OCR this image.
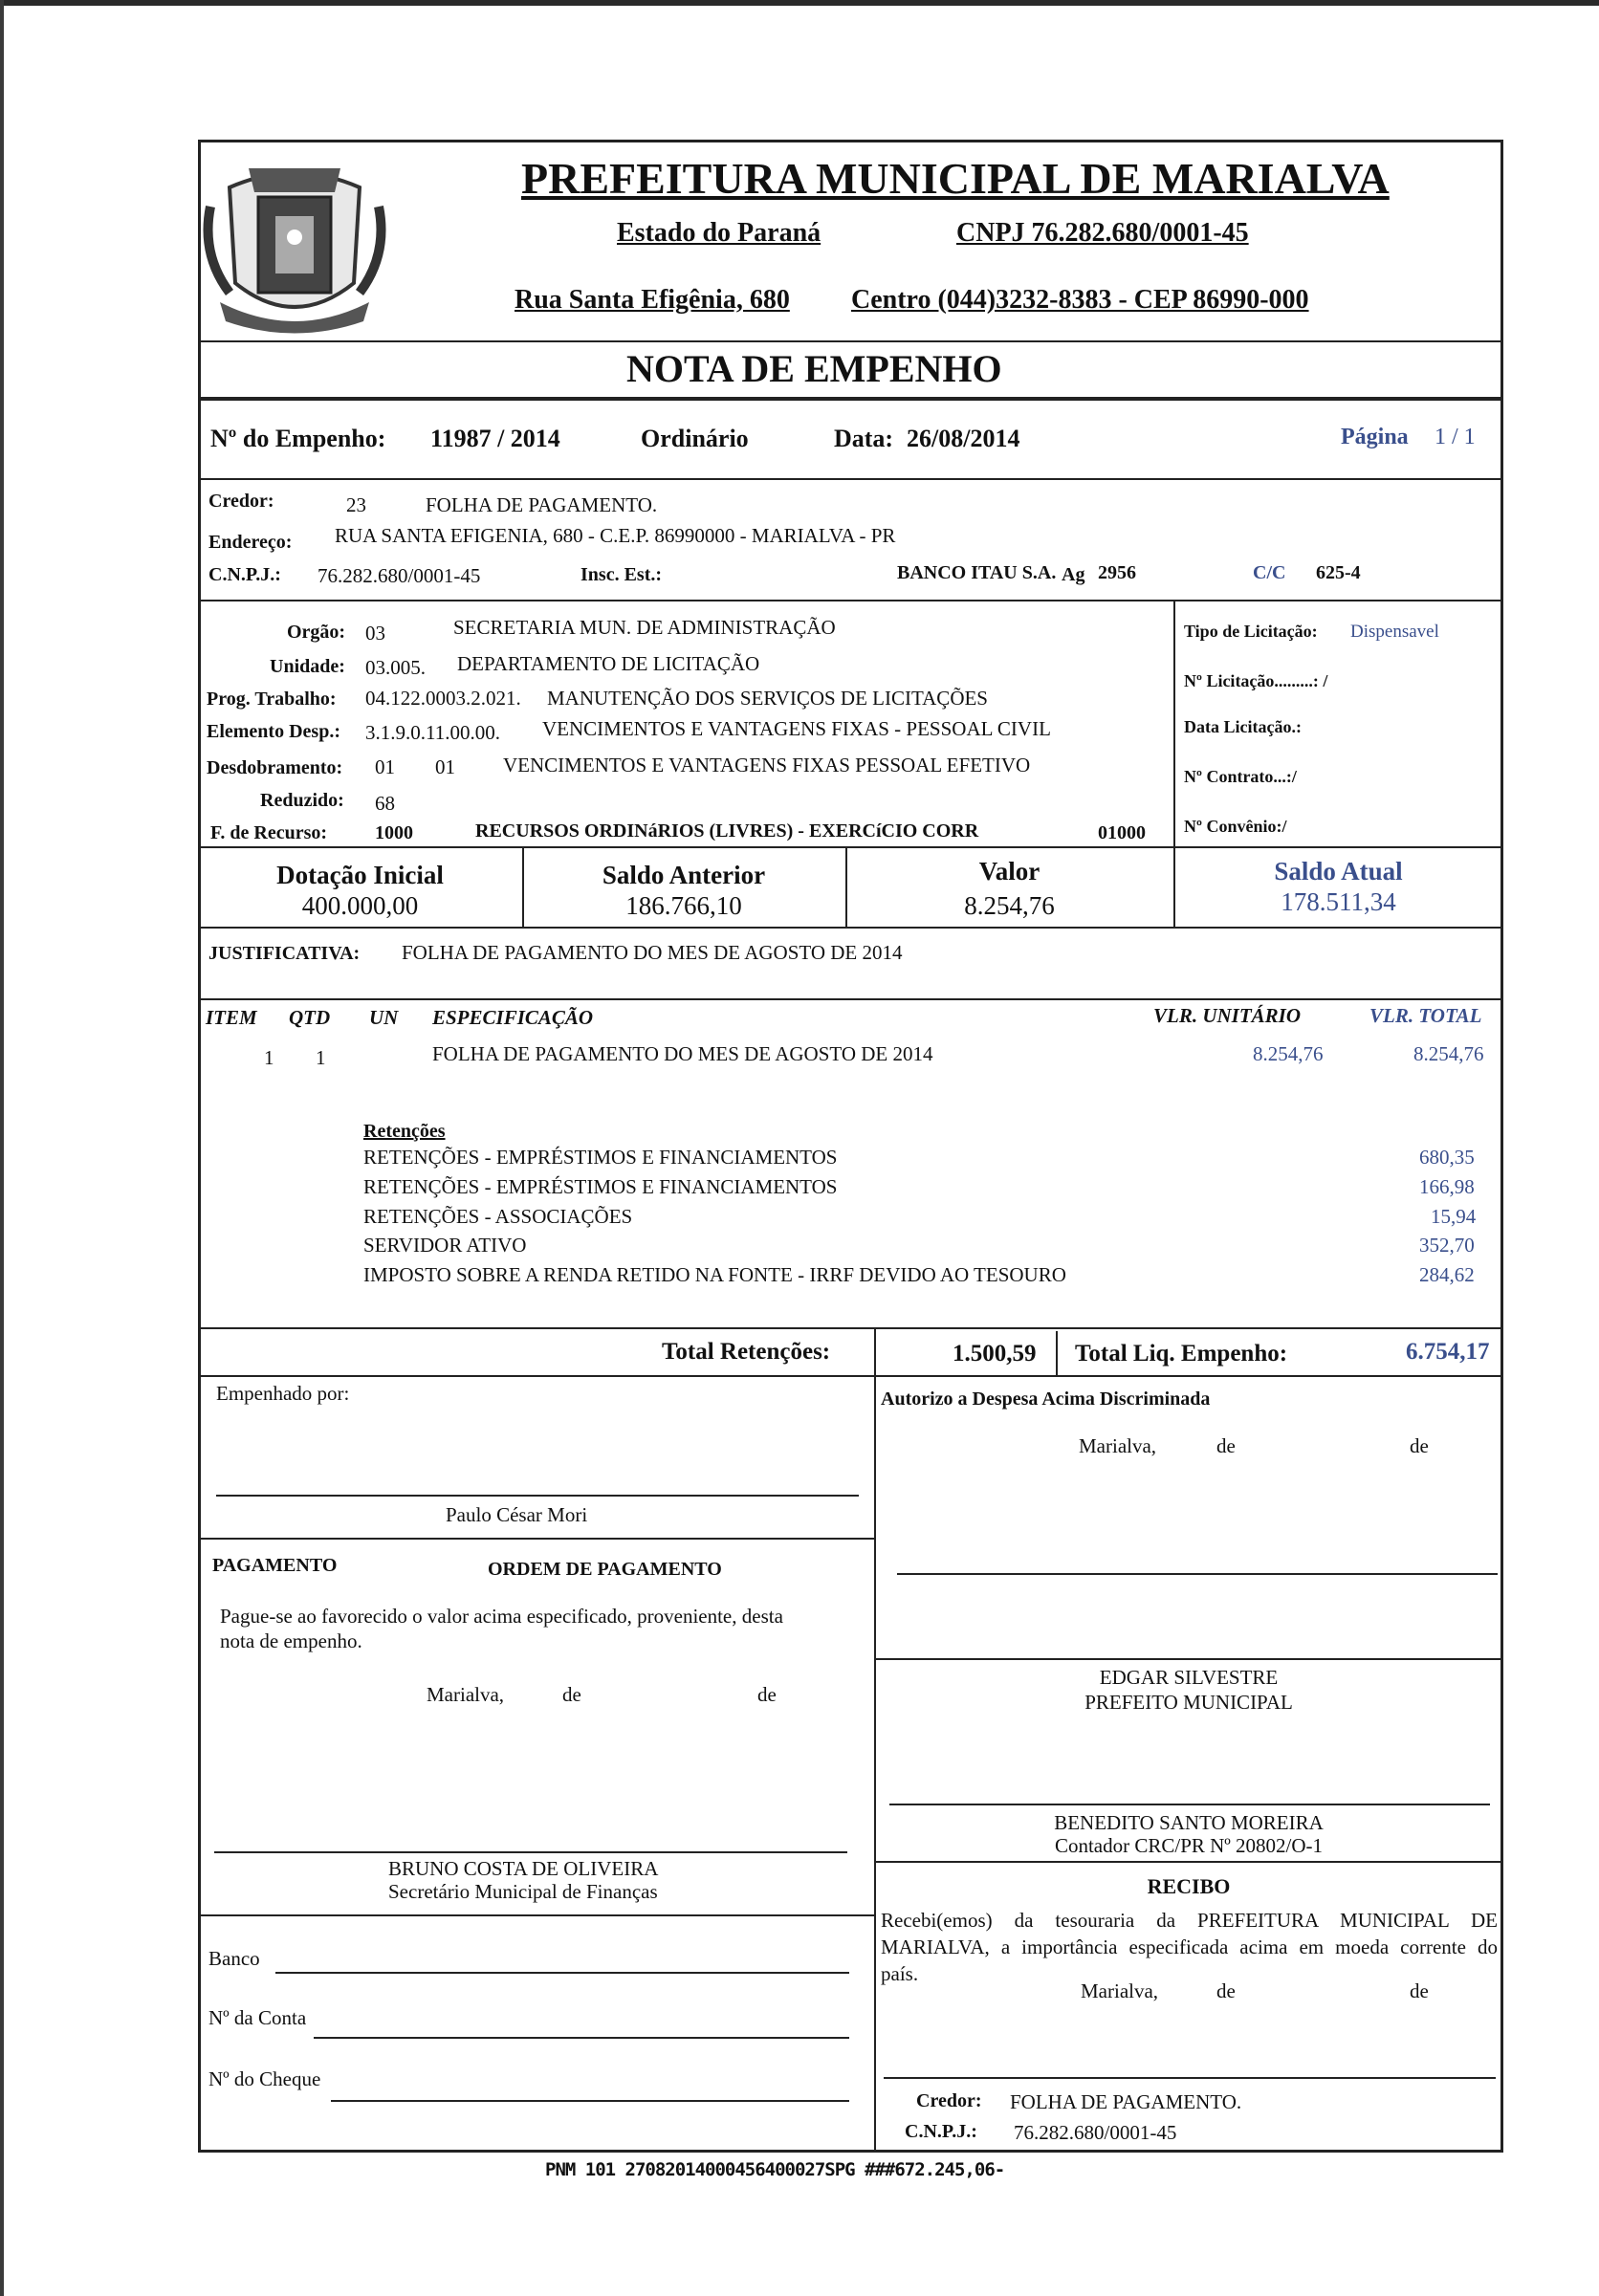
PREFEITURA MUNICIPAL DE MARIALVA
Estado do Paraná	CNPJ 76.282.680/0001-45
Rua Santa Efigênia, 680 Centro (044)3232-8383 - CEP 86990-000
NOTA DE EMPENHO
Nº do Empenho: 11987 / 2014	Ordinário	Data: 26/08/2014	Página 1 / 1
Credor:	23	FOLHA DE PAGAMENTO.
Endereço: RUA SANTA EFIGENIA, 680 - C.E.P. 86990000 - MARIALVA - PR
C.N.P.J.: 76.282.680/0001-45	Insc. Est.:	BANCO ITAU S.A. Ag 2956	C/C 625-4
Orgão: 03	SECRETARIA MUN. DE ADMINISTRAÇÃO
Unidade: 03.005. DEPARTAMENTO DE LICITAÇÃO
Prog. Trabalho: 04.122.0003.2.021. MANUTENÇÃO DOS SERVIÇOS DE LICITAÇÕES
Elemento Desp.: 3.1.9.0.11.00.00. VENCIMENTOS E VANTAGENS FIXAS - PESSOAL CIVIL
Desdobramento: 01 01 VENCIMENTOS E VANTAGENS FIXAS PESSOAL EFETIVO
Reduzido: 68
F. de Recurso: 1000	RECURSOS ORDINáRIOS (LIVRES) - EXERCíCIO CORR	01000
Tipo de Licitação: Dispensavel
Nº Licitação.........: /
Data Licitação.:
Nº Contrato...:/
Nº Convênio:/
Dotação Inicial
400.000,00
Saldo Anterior
186.766,10
Valor
8.254,76
Saldo Atual
178.511,34
JUSTIFICATIVA: FOLHA DE PAGAMENTO DO MES DE AGOSTO DE 2014
ITEM QTD UN ESPECIFICAÇÃO	VLR. UNITÁRIO	VLR. TOTAL
1 1	FOLHA DE PAGAMENTO DO MES DE AGOSTO DE 2014	8.254,76	8.254,76
Retenções
RETENÇÕES - EMPRÉSTIMOS E FINANCIAMENTOS	680,35
RETENÇÕES - EMPRÉSTIMOS E FINANCIAMENTOS	166,98
RETENÇÕES - ASSOCIAÇÕES	15,94
SERVIDOR ATIVO	352,70
IMPOSTO SOBRE A RENDA RETIDO NA FONTE - IRRF DEVIDO AO TESOURO	284,62
Total Retenções:	1.500,59 Total Liq. Empenho:	6.754,17
Empenhado por:
Paulo César Mori
Autorizo a Despesa Acima Discriminada
Marialva,	de	de
PAGAMENTO	ORDEM DE PAGAMENTO
Pague-se ao favorecido o valor acima especificado, proveniente, desta
nota de empenho.
Marialva,	de	de
EDGAR SILVESTRE
PREFEITO MUNICIPAL
BENEDITO SANTO MOREIRA
Contador CRC/PR Nº 20802/O-1
BRUNO COSTA DE OLIVEIRA
Secretário Municipal de Finanças	RECIBO
Recebi(emos) da tesouraria da PREFEITURA MUNICIPAL DE
MARIALVA, a importância especificada acima em moeda corrente do
país.
Marialva,	de	de
Credor: FOLHA DE PAGAMENTO.
C.N.P.J.: 76.282.680/0001-45
Banco
Nº da Conta
Nº do Cheque
PNM 101 27082014000456400027SPG ###672.245,06-
